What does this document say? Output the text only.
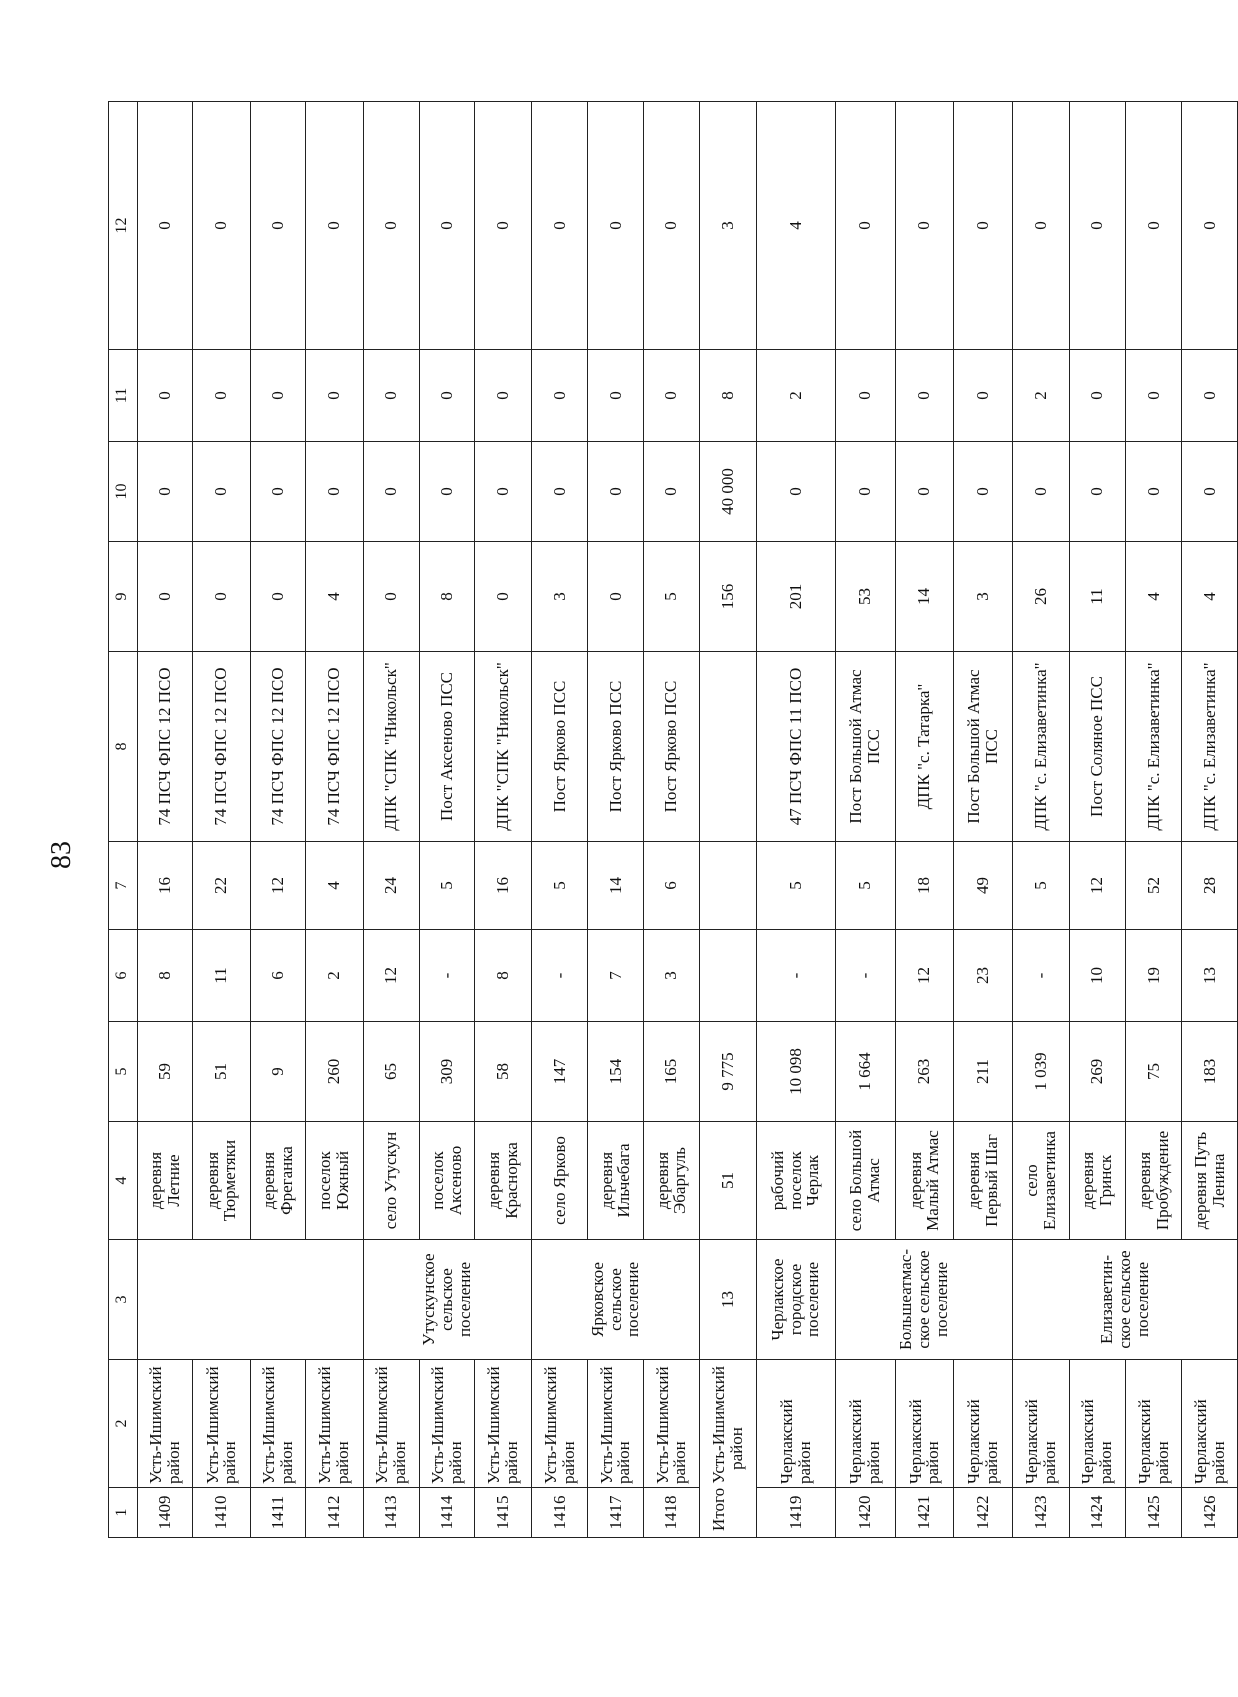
83
1	2	3	4	5	6	7	8	9	10	11	12
1409	Усть-Ишимский район		деревня Летние	59	8	16	74 ПСЧ ФПС 12 ПСО	0	0	0	0
1410	Усть-Ишимский район		деревня Тюрметяки	51	11	22	74 ПСЧ ФПС 12 ПСО	0	0	0	0
1411	Усть-Ишимский район		деревня Фреганка	9	6	12	74 ПСЧ ФПС 12 ПСО	0	0	0	0
1412	Усть-Ишимский район		поселок Южный	260	2	4	74 ПСЧ ФПС 12 ПСО	4	0	0	0
1413	Усть-Ишимский район	Утускунское сельское поселение	село Утускун	65	12	24	ДПК "СПК "Никольск"	0	0	0	0
1414	Усть-Ишимский район		поселок Аксеново	309	-	5	Пост Аксеново ПСС	8	0	0	0
1415	Усть-Ишимский район		деревня Краснорка	58	8	16	ДПК "СПК "Никольск"	0	0	0	0
1416	Усть-Ишимский район	Ярковское сельское поселение	село Ярково	147	-	5	Пост Ярково ПСС	3	0	0	0
1417	Усть-Ишимский район		деревня Ильчебага	154	7	14	Пост Ярково ПСС	0	0	0	0
1418	Усть-Ишимский район		деревня Эбаргуль	165	3	6	Пост Ярково ПСС	5	0	0	0
Итого Усть-Ишимский район		13	51	9 775				156	40 000	8	3
1419	Черлакский район	Черлакское городское поселение	рабочий поселок Черлак	10 098	-	5	47 ПСЧ ФПС 11 ПСО	201	0	2	4
1420	Черлакский район	Большеатмас-ское сельское поселение	село Большой Атмас	1 664	-	5	Пост Большой Атмас ПСС	53	0	0	0
1421	Черлакский район		деревня Малый Атмас	263	12	18	ДПК "с. Татарка"	14	0	0	0
1422	Черлакский район		деревня Первый Шаг	211	23	49	Пост Большой Атмас ПСС	3	0	0	0
1423	Черлакский район	Елизаветин-ское сельское поселение	село Елизаветинка	1 039	-	5	ДПК "с. Елизаветинка"	26	0	2	0
1424	Черлакский район		деревня Гринск	269	10	12	Пост Соляное ПСС	11	0	0	0
1425	Черлакский район		деревня Пробуждение	75	19	52	ДПК "с. Елизаветинка"	4	0	0	0
1426	Черлакский район		деревня Путь Ленина	183	13	28	ДПК "с. Елизаветинка"	4	0	0	0
